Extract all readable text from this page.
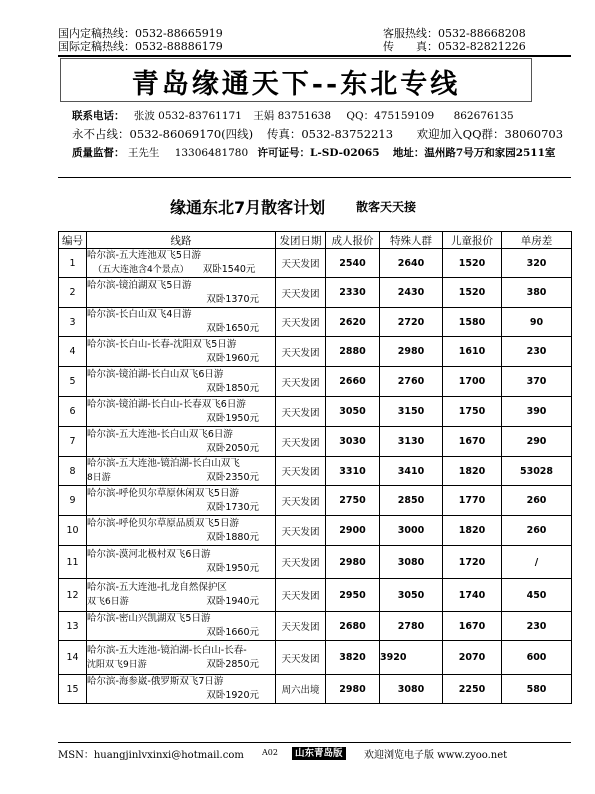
国内定稿热线：0532-88665919
国际定稿热线：0532-88886179
客服热线：0532-88668208
传　　真：0532-82821226
青岛缘通天下--东北专线
联系电话： 张波 0532-83761171 王娟 83751638 QQ：475159109 862676135
永不占线：0532-86069170(四线) 传真：0532-83752213 欢迎加入QQ群：38060703
质量监督： 王先生 13306481780 许可证号：L-SD-02065 地址：温州路7号万和家园2511室
缘通东北7月散客计划	散客天天接
编号	线路	发团日期	成人报价	特殊人群	儿童报价	单房差
1	哈尔滨-五大连池双飞5日游
（五大连池含4个景点） 双卧1540元	天天发团	2540	2640	1520	320
2	哈尔滨-镜泊湖双飞5日游
双卧1370元	天天发团	2330	2430	1520	380
3	哈尔滨-长白山双飞4日游
双卧1650元	天天发团	2620	2720	1580	90
4	哈尔滨-长白山-长春-沈阳双飞5日游
双卧1960元	天天发团	2880	2980	1610	230
5	哈尔滨-镜泊湖-长白山双飞6日游
双卧1850元	天天发团	2660	2760	1700	370
6	哈尔滨-镜泊湖-长白山-长春双飞6日游
双卧1950元	天天发团	3050	3150	1750	390
7	哈尔滨-五大连池-长白山双飞6日游
双卧2050元	天天发团	3030	3130	1670	290
8	哈尔滨-五大连池-镜泊湖-长白山双飞
8日游 双卧2350元	天天发团	3310	3410	1820	53028
9	哈尔滨-呼伦贝尔草原休闲双飞5日游
双卧1730元	天天发团	2750	2850	1770	260
10	哈尔滨-呼伦贝尔草原品质双飞5日游
双卧1880元	天天发团	2900	3000	1820	260
11	哈尔滨-漠河北极村双飞6日游
双卧1950元	天天发团	2980	3080	1720	/
12	哈尔滨-五大连池-扎龙自然保护区
双飞6日游 双卧1940元	天天发团	2950	3050	1740	450
13	哈尔滨-密山兴凯湖双飞5日游
双卧1660元	天天发团	2680	2780	1670	230
14	哈尔滨-五大连池-镜泊湖-长白山-长春-
沈阳双飞9日游 双卧2850元	天天发团	3820	3920	2070	600
15	哈尔滨-海参崴-俄罗斯双飞7日游
双卧1920元	周六出境	2980	3080	2250	580
MSN：huangjinlvxinxi@hotmail.com A02	山东青岛版	欢迎浏览电子版 www.zyoo.net
